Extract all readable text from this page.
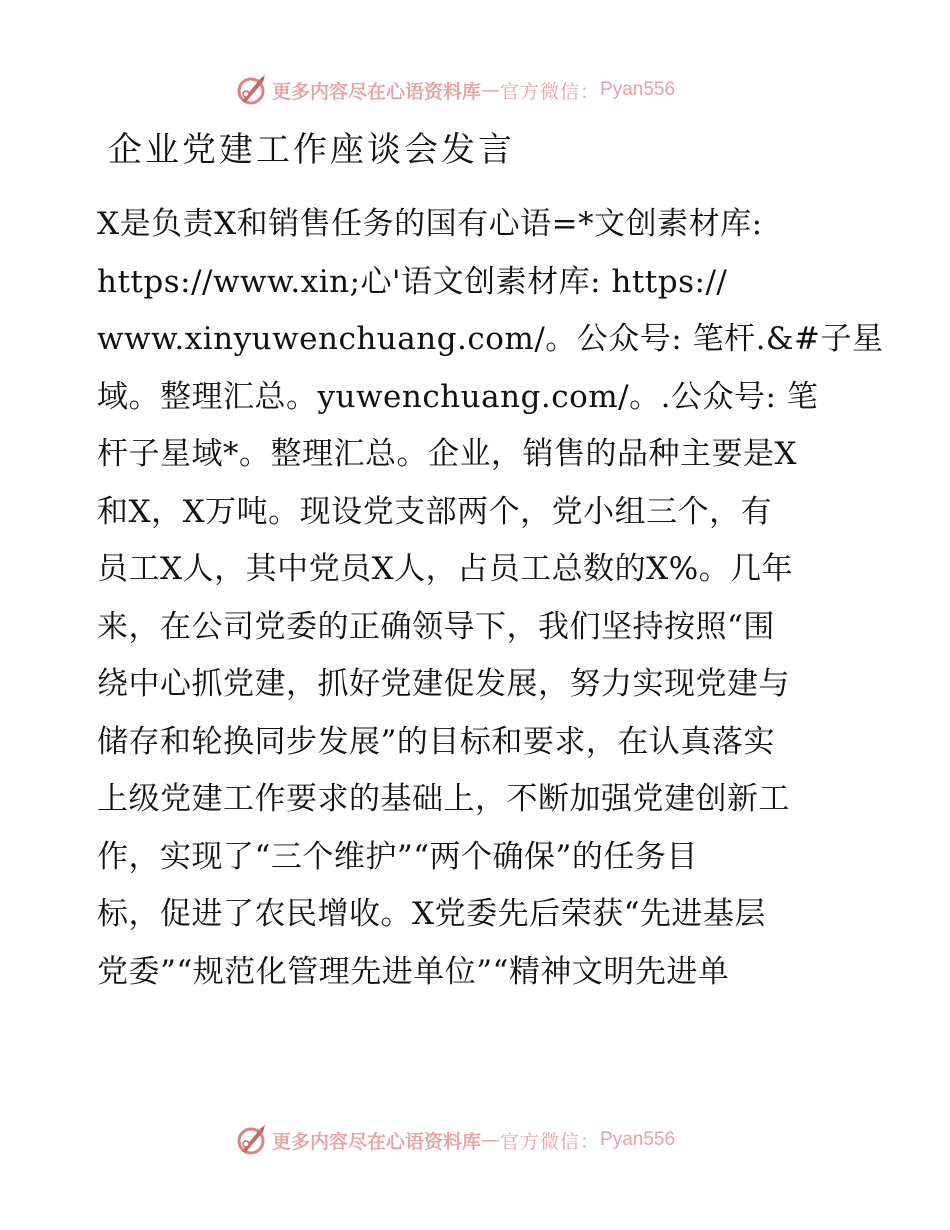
更多内容尽在心语资料库 — 官方微信： Pyan556
企业党建工作座谈会发言
X是负责X和销售任务的国有心语=*文创素材库:
https://www.xin;心'语文创素材库: https://
www.xinyuwenchuang.com/。公众号: 笔杆.&#子星
域。整理汇总。yuwenchuang.com/。.公众号: 笔
杆子星域*。整理汇总。企业，销售的品种主要是X
和X，X万吨。现设党支部两个，党小组三个，有
员工X人，其中党员X人，占员工总数的X%。几年
来，在公司党委的正确领导下，我们坚持按照“围
绕中心抓党建，抓好党建促发展，努力实现党建与
储存和轮换同步发展”的目标和要求，在认真落实
上级党建工作要求的基础上，不断加强党建创新工
作，实现了“三个维护”“两个确保”的任务目
标，促进了农民增收。X党委先后荣获“先进基层
党委”“规范化管理先进单位”“精神文明先进单
更多内容尽在心语资料库 — 官方微信： Pyan556
